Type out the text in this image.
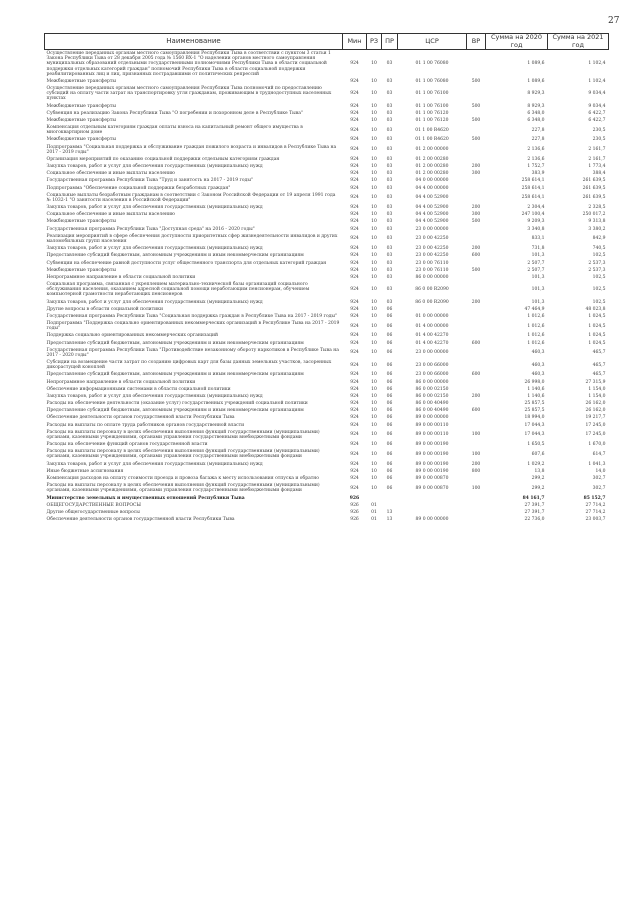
27
Наименование	Мин	РЗ	ПР	ЦСР	ВР	Сумма на 2020 год	Сумма на 2021 год
Осуществление переданных органам местного самоуправления Республики Тыва в соответствии с пунктом 3 статьи 1 Закона Республики Тыва от 28 декабря 2005 года № 1560 ВХ-1 "О наделении органов местного самоуправления муниципальных образований отдельными государственными полномочиями Республики Тыва в области социальной поддержки отдельных категорий граждан" полномочий Республики Тыва в области социальной поддержки реабилитированных лиц и лиц, признанных пострадавшими от политических репрессий	924	10	03	01 1 00 76080		1 089,6	1 102,4
Межбюджетные трансферты	924	10	03	01 1 00 76080	500	1 089,6	1 102,4
Осуществление переданных органам местного самоуправления Республики Тыва полномочий по предоставлению субсидий на оплату части затрат на транспортировку угля гражданам, проживающим в труднодоступных населенных пунктах	924	10	03	01 1 00 76100		8 929,3	9 034,4
Межбюджетные трансферты	924	10	03	01 1 00 76100	500	8 929,3	9 034,4
Субвенция на реализацию Закона Республики Тыва "О погребении и похоронном деле в Республике Тыва"	924	10	03	01 1 00 76120		6 348,0	6 422,7
Межбюджетные трансферты	924	10	03	01 1 00 76120	500	6 348,0	6 422,7
Компенсация отдельным категориям граждан оплаты взноса на капитальный ремонт общего имущества в многоквартирном доме	924	10	03	01 1 00 R4620		227,8	230,5
Межбюджетные трансферты	924	10	03	01 1 00 R4620	500	227,8	230,5
Подпрограмма "Социальная поддержка и обслуживание граждан пожилого возраста и инвалидов в Республике Тыва на 2017 - 2019 годы"	924	10	03	01 2 00 00000		2 136,6	2 161,7
Организация мероприятий по оказанию социальной поддержки отдельным категориям граждан	924	10	03	01 2 00 00280		2 136,6	2 161,7
Закупка товаров, работ и услуг для обеспечения государственных (муниципальных) нужд	924	10	03	01 2 00 00280	200	1 752,7	1 773,4
Социальное обеспечение и иные выплаты населению	924	10	03	01 2 00 00280	300	383,9	388,4
Государственная программа Республики Тыва "Труд и занятость на 2017 - 2019 годы"	924	10	03	04 0 00 00000		258 614,1	261 639,5
Подпрограмма "Обеспечение социальной поддержки безработных граждан"	924	10	03	04 4 00 00000		258 614,1	261 639,5
Социальные выплаты безработным гражданам в соответствии с Законом Российской Федерации от 19 апреля 1991 года № 1032-1 "О занятости населения в Российской Федерации"	924	10	03	04 4 00 52900		258 614,1	261 639,5
Закупка товаров, работ и услуг для обеспечения государственных (муниципальных) нужд	924	10	03	04 4 00 52900	200	2 304,4	2 328,5
Социальное обеспечение и иные выплаты населению	924	10	03	04 4 00 52900	300	247 100,4	250 017,2
Межбюджетные трансферты	924	10	03	04 4 00 52900	500	9 209,3	9 313,8
Государственная программа Республики Тыва "Доступная среда" на 2016 - 2020 годы"	924	10	03	23 0 00 00000		3 340,8	3 380,2
Реализация мероприятий в сфере обеспечения доступности приоритетных сфер жизнедеятельности инвалидов и других маломобильных групп населения	924	10	03	23 0 00 42250		833,1	842,9
Закупка товаров, работ и услуг для обеспечения государственных (муниципальных) нужд	924	10	03	23 0 00 42250	200	731,8	740,5
Предоставление субсидий бюджетным, автономным учреждениям и иным некоммерческим организациям	924	10	03	23 0 00 42250	600	101,3	102,5
Субвенции на обеспечение равной доступности услуг общественного транспорта для отдельных категорий граждан	924	10	03	23 0 00 76110		2 507,7	2 537,3
Межбюджетные трансферты	924	10	03	23 0 00 76110	500	2 507,7	2 537,3
Непрограммное направление в области социальной политики	924	10	03	86 0 00 00000		101,3	102,5
Социальная программа, связанная с укреплением материально-технической базы организаций социального обслуживания населения, оказанием адресной социальной помощи неработающим пенсионерам, обучением компьютерной грамотности неработающих пенсионеров	924	10	03	86 0 00 R2090		101,3	102,5
Закупка товаров, работ и услуг для обеспечения государственных (муниципальных) нужд	924	10	03	86 0 00 R2090	200	101,3	102,5
Другие вопросы в области социальной политики	924	10	06			47 464,9	48 023,8
Государственная программа Республики Тыва "Социальная поддержка граждан в Республике Тыва на 2017 - 2019 годы"	924	10	06	01 0 00 00000		1 012,6	1 024,5
Подпрограмма "Поддержка социально ориентированных некоммерческих организаций в Республике Тыва на 2017 - 2019 годы"	924	10	06	01 4 00 00000		1 012,6	1 024,5
Поддержка социально ориентированных некоммерческих организаций	924	10	06	01 4 00 42270		1 012,6	1 024,5
Предоставление субсидий бюджетным, автономным учреждениям и иным некоммерческим организациям	924	10	06	01 4 00 42270	600	1 012,6	1 024,5
Государственная программа Республики Тыва "Противодействие незаконному обороту наркотиков в Республике Тыва на 2017 - 2020 годы"	924	10	06	23 0 00 00000		460,3	465,7
Субсидии на возмещение части затрат по созданию цифровых карт для базы данных земельных участков, засоренных дикорастущей коноплей	924	10	06	23 0 00 66000		460,3	465,7
Предоставление субсидий бюджетным, автономным учреждениям и иным некоммерческим организациям	924	10	06	23 0 00 66000	600	460,3	465,7
Непрограммное направление в области социальной политики	924	10	06	86 0 00 00000		26 998,0	27 315,9
Обеспечение информационными системами в области социальной политики	924	10	06	86 0 00 02150		1 140,6	1 154,0
Закупка товаров, работ и услуг для обеспечения государственных (муниципальных) нужд	924	10	06	86 0 00 02150	200	1 140,6	1 154,0
Расходы на обеспечение деятельности (оказание услуг) государственных учреждений социальной политики	924	10	06	86 0 00 40490		25 857,5	26 162,0
Предоставление субсидий бюджетным, автономным учреждениям и иным некоммерческим организациям	924	10	06	86 0 00 40490	600	25 857,5	26 162,0
Обеспечение деятельности органов государственной власти Республики Тыва	924	10	06	89 0 00 00000		18 994,0	19 217,7
Расходы на выплаты по оплате труда работников органов государственной власти	924	10	06	89 0 00 00110		17 044,3	17 245,0
Расходы на выплаты персоналу в целях обеспечения выполнения функций государственными (муниципальными) органами, казенными учреждениями, органами управления государственными внебюджетными фондами	924	10	06	89 0 00 00110	100	17 044,3	17 245,0
Расходы на обеспечение функций органов государственной власти	924	10	06	89 0 00 00190		1 650,5	1 670,0
Расходы на выплаты персоналу в целях обеспечения выполнения функций государственными (муниципальными) органами, казенными учреждениями, органами управления государственными внебюджетными фондами	924	10	06	89 0 00 00190	100	607,6	614,7
Закупка товаров, работ и услуг для обеспечения государственных (муниципальных) нужд	924	10	06	89 0 00 00190	200	1 029,2	1 041,3
Иные бюджетные ассигнования	924	10	06	89 0 00 00190	800	13,8	14,0
Компенсация расходов на оплату стоимости проезда и провоза багажа к месту использования отпуска и обратно	924	10	06	89 0 00 00870		299,2	302,7
Расходы на выплаты персоналу в целях обеспечения выполнения функций государственными (муниципальными) органами, казенными учреждениями, органами управления государственными внебюджетными фондами	924	10	06	89 0 00 00870	100	299,2	302,7
Министерство земельных и имущественных отношений Республики Тыва	926					84 161,7	85 152,7
ОБЩЕГОСУДАРСТВЕННЫЕ ВОПРОСЫ	926	01				27 391,7	27 714,2
Другие общегосударственные вопросы	926	01	13			27 391,7	27 714,2
Обеспечение деятельности органов государственной власти Республики Тыва	926	01	13	89 0 00 00000		22 736,0	23 003,7
